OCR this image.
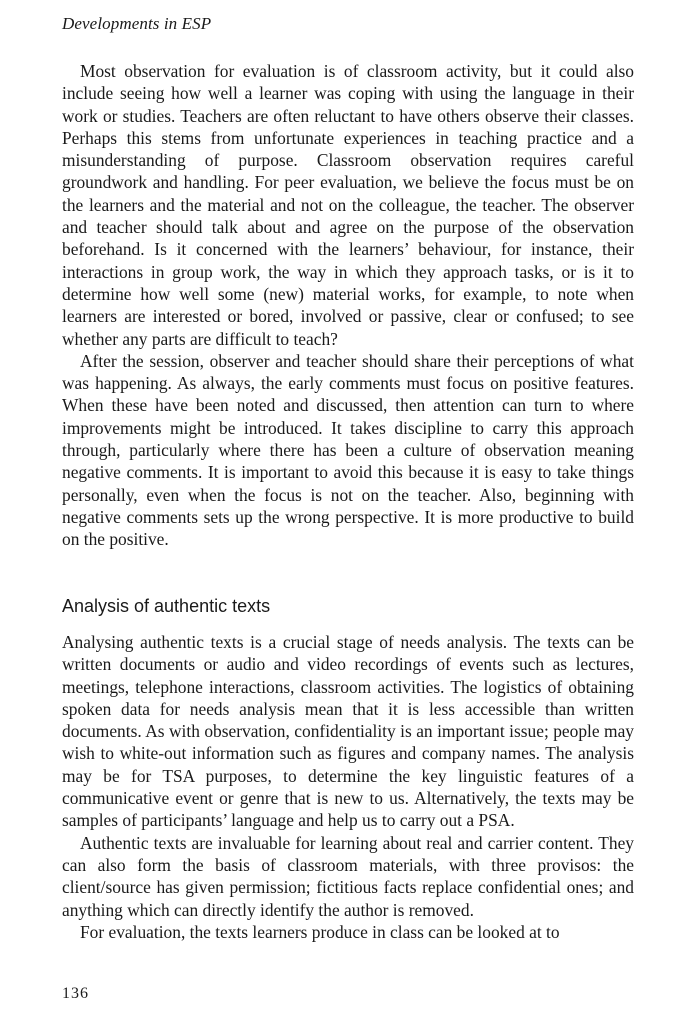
Developments in ESP

Most observation for evaluation is of classroom activity, but it could also include seeing how well a learner was coping with using the language in their work or studies. Teachers are often reluctant to have others observe their classes. Perhaps this stems from unfortunate experiences in teaching practice and a misunderstanding of purpose. Classroom observation requires careful groundwork and handling. For peer evaluation, we believe the focus must be on the learners and the material and not on the colleague, the teacher. The observer and teacher should talk about and agree on the purpose of the observation beforehand. Is it concerned with the learners’ behaviour, for instance, their interactions in group work, the way in which they approach tasks, or is it to determine how well some (new) material works, for example, to note when learners are interested or bored, involved or passive, clear or confused; to see whether any parts are difficult to teach?

After the session, observer and teacher should share their perceptions of what was happening. As always, the early comments must focus on positive features. When these have been noted and discussed, then attention can turn to where improvements might be introduced. It takes discipline to carry this approach through, particularly where there has been a culture of observation meaning negative comments. It is important to avoid this because it is easy to take things personally, even when the focus is not on the teacher. Also, beginning with negative comments sets up the wrong perspective. It is more productive to build on the positive.

Analysis of authentic texts

Analysing authentic texts is a crucial stage of needs analysis. The texts can be written documents or audio and video recordings of events such as lectures, meetings, telephone interactions, classroom activities. The logistics of obtaining spoken data for needs analysis mean that it is less accessible than written documents. As with observation, confidentiality is an important issue; people may wish to white-out information such as figures and company names. The analysis may be for TSA purposes, to determine the key linguistic features of a communicative event or genre that is new to us. Alternatively, the texts may be samples of participants’ language and help us to carry out a PSA.

Authentic texts are invaluable for learning about real and carrier content. They can also form the basis of classroom materials, with three provisos: the client/source has given permission; fictitious facts replace confidential ones; and anything which can directly identify the author is removed.

For evaluation, the texts learners produce in class can be looked at to

136
